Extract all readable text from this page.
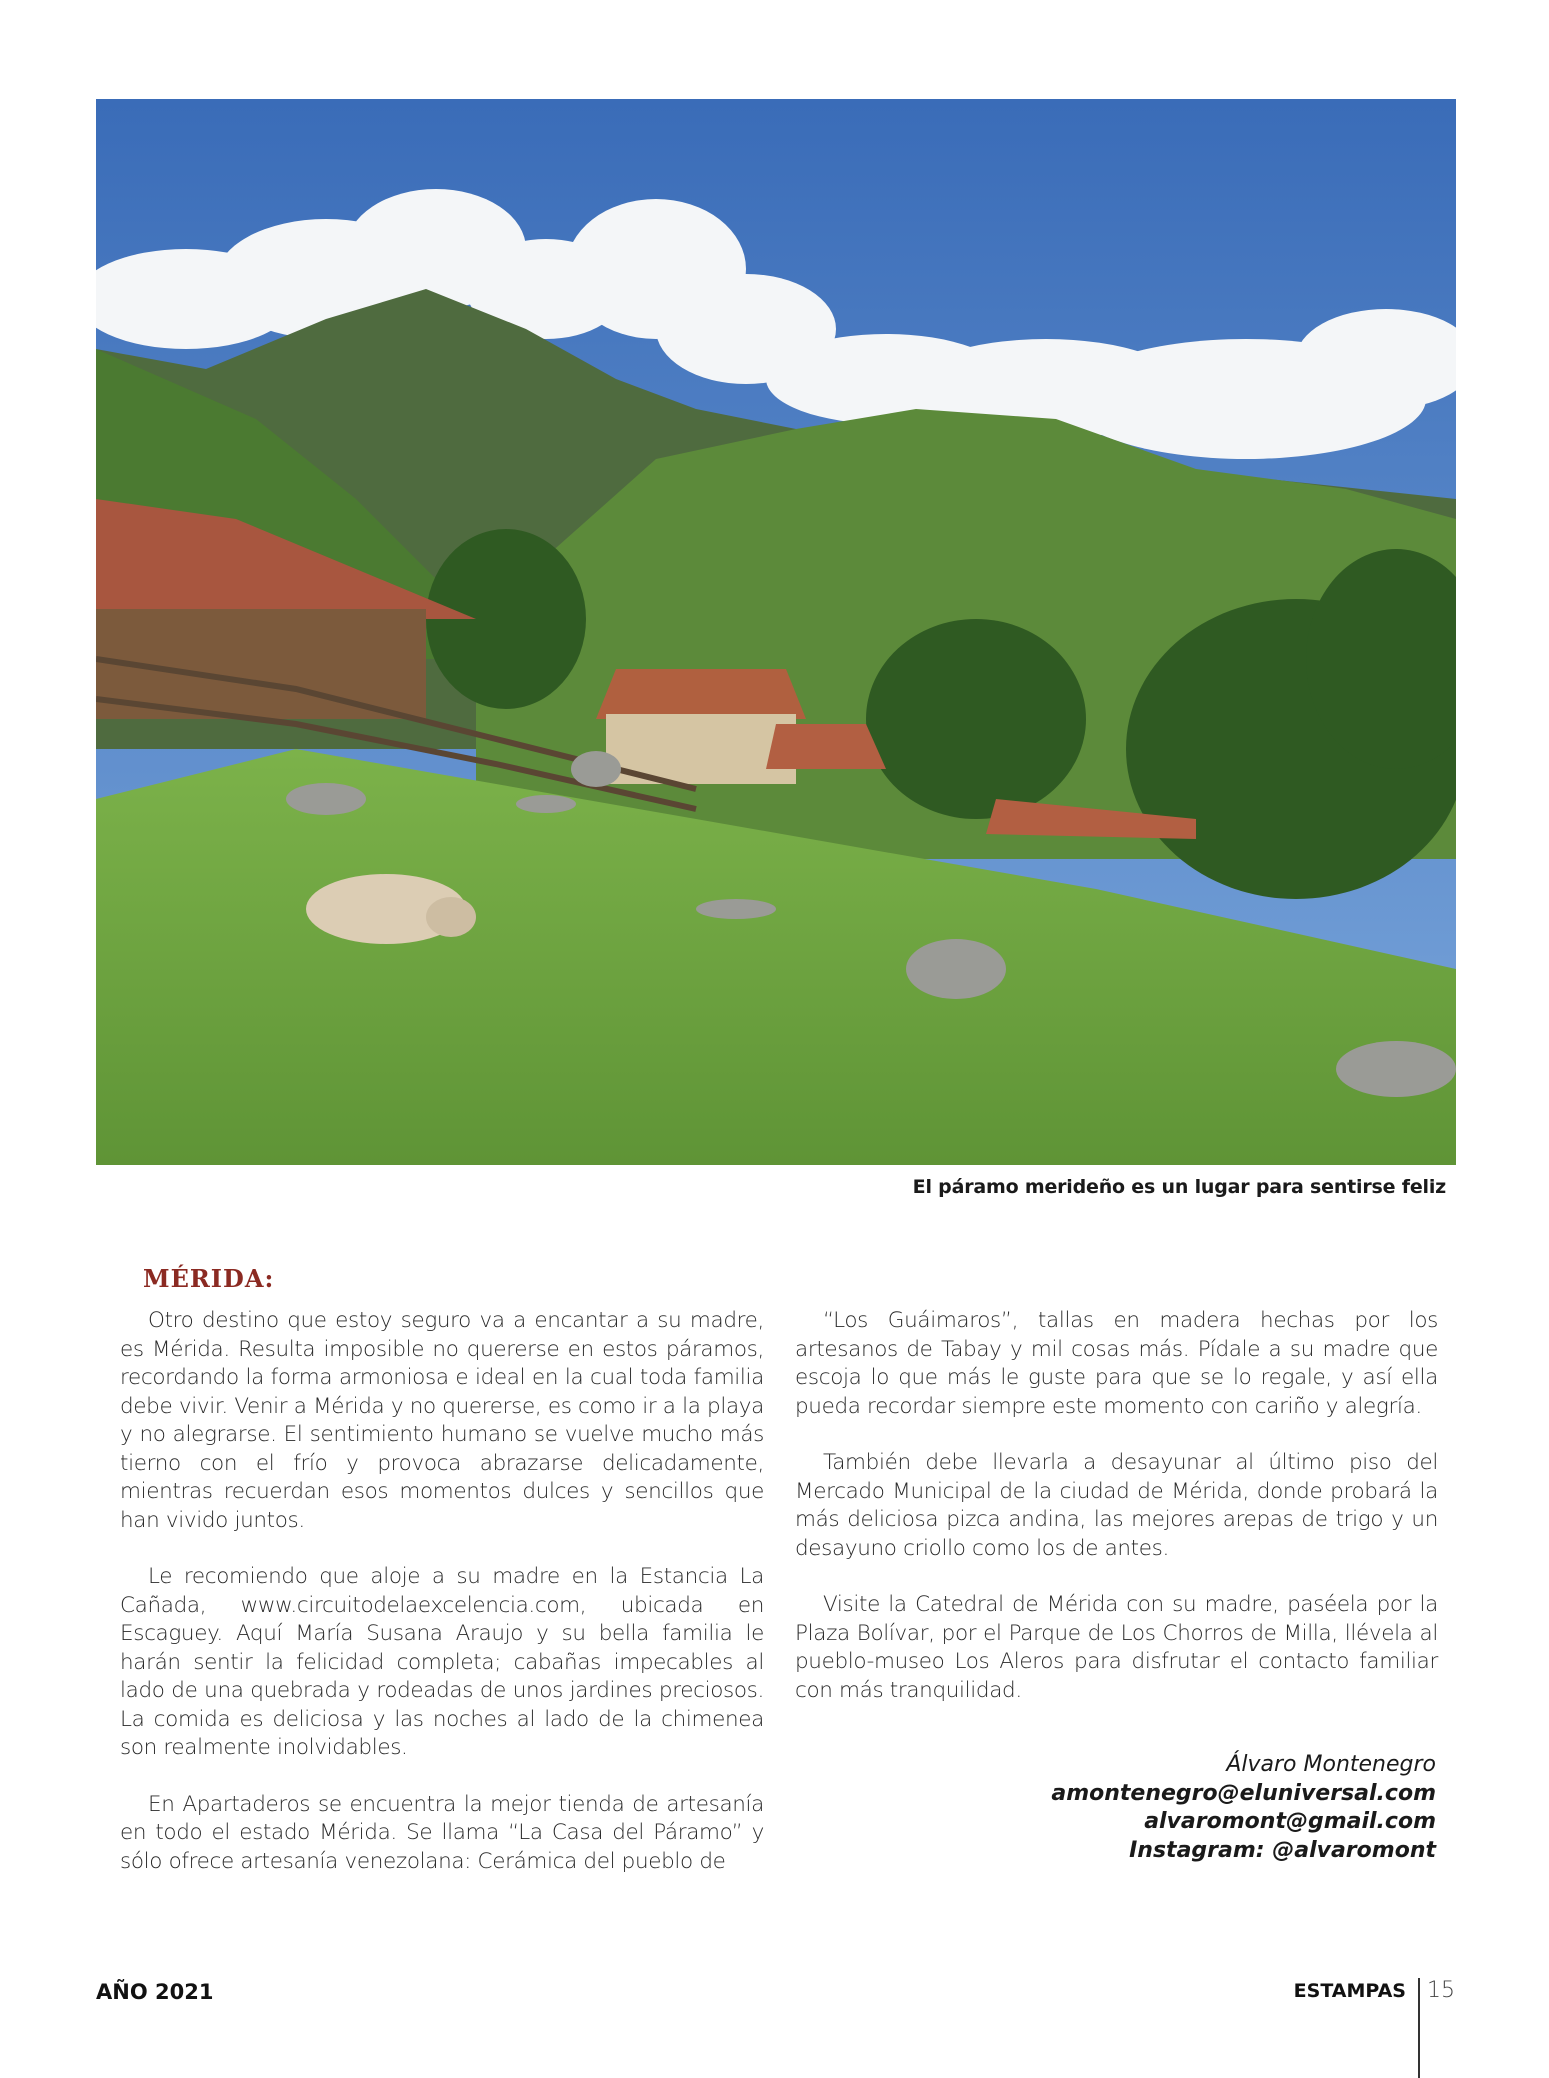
El páramo merideño es un lugar para sentirse feliz
MÉRIDA:

Otro destino que estoy seguro va a encantar a su madre, es Mérida. Resulta imposible no quererse en estos páramos, recordando la forma armoniosa e ideal en la cual toda familia debe vivir. Venir a Mérida y no quererse, es como ir a la playa y no alegrarse. El sentimiento humano se vuelve mucho más tierno con el frío y provoca abrazarse delicadamente, mientras recuerdan esos momentos dulces y sencillos que han vivido juntos.

Le recomiendo que aloje a su madre en la Estancia La Cañada, www.circuitodelaexcelencia.com, ubicada en Escaguey. Aquí María Susana Araujo y su bella familia le harán sentir la felicidad completa; cabañas impecables al lado de una quebrada y rodeadas de unos jardines preciosos. La comida es deliciosa y las noches al lado de la chimenea son realmente inolvidables.

En Apartaderos se encuentra la mejor tienda de artesanía en todo el estado Mérida. Se llama “La Casa del Páramo” y sólo ofrece artesanía venezolana: Cerámica del pueblo de

“Los Guáimaros”, tallas en madera hechas por los artesanos de Tabay y mil cosas más. Pídale a su madre que escoja lo que más le guste para que se lo regale, y así ella pueda recordar siempre este momento con cariño y alegría.

También debe llevarla a desayunar al último piso del Mercado Municipal de la ciudad de Mérida, donde probará la más deliciosa pizca andina, las mejores arepas de trigo y un desayuno criollo como los de antes.

Visite la Catedral de Mérida con su madre, paséela por la Plaza Bolívar, por el Parque de Los Chorros de Milla, llévela al pueblo-museo Los Aleros para disfrutar el contacto familiar con más tranquilidad.

Álvaro Montenegro
amontenegro@eluniversal.com
alvaromont@gmail.com
Instagram: @alvaromont
AÑO 2021	ESTAMPAS 15
